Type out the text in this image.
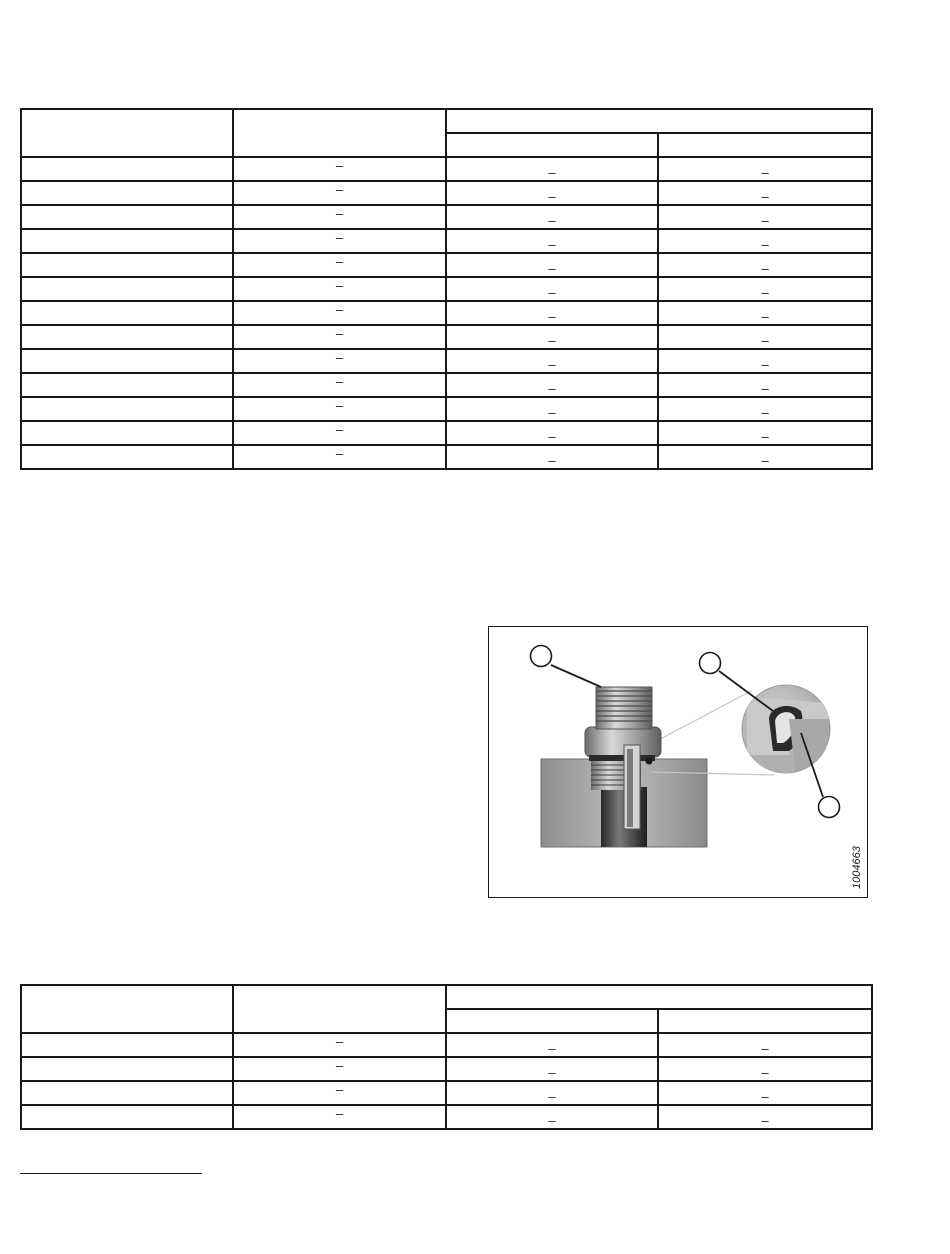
	–	–	–
	–	–	–
	–	–	–
	–	–	–
	–	–	–
	–	–	–
	–	–	–
	–	–	–
	–	–	–
	–	–	–
	–	–	–
	–	–	–
	–	–	–
1004663

	–	–	–
	–	–	–
	–	–	–
	–	–	–
